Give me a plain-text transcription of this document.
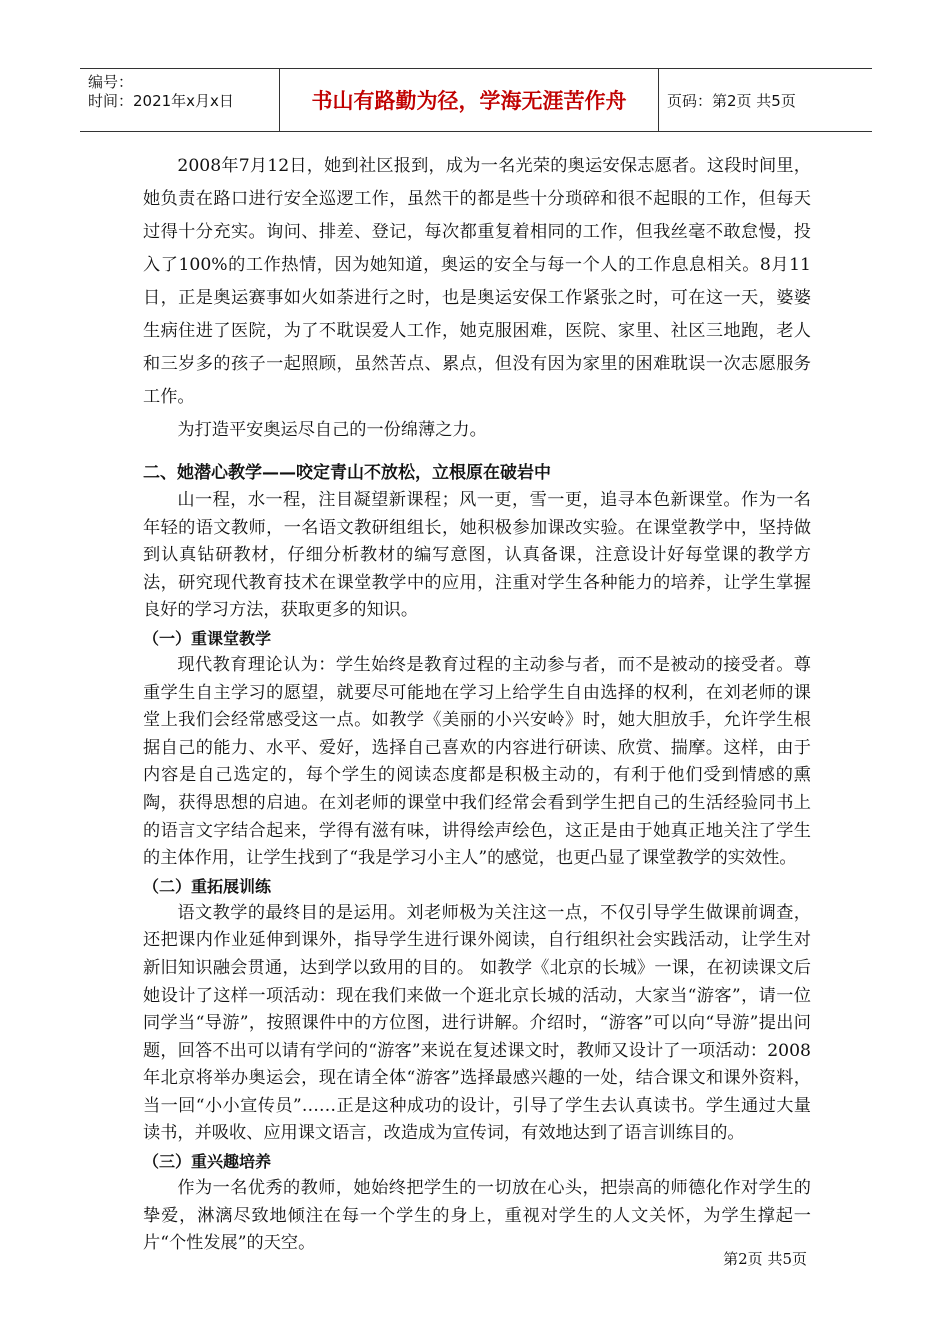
编号：
时间：2021年x月x日	书山有路勤为径，学海无涯苦作舟	页码：第2页 共5页

2008年7月12日，她到社区报到，成为一名光荣的奥运安保志愿者。这段时间里，她负责在路口进行安全巡逻工作，虽然干的都是些十分琐碎和很不起眼的工作，但每天过得十分充实。询问、排差、登记，每次都重复着相同的工作，但我丝毫不敢怠慢，投入了100%的工作热情，因为她知道，奥运的安全与每一个人的工作息息相关。8月11日，正是奥运赛事如火如荼进行之时，也是奥运安保工作紧张之时，可在这一天，婆婆生病住进了医院，为了不耽误爱人工作，她克服困难，医院、家里、社区三地跑，老人和三岁多的孩子一起照顾，虽然苦点、累点，但没有因为家里的困难耽误一次志愿服务工作。

为打造平安奥运尽自己的一份绵薄之力。

二、她潜心教学——咬定青山不放松，立根原在破岩中

山一程，水一程，注目凝望新课程；风一更，雪一更，追寻本色新课堂。作为一名年轻的语文教师，一名语文教研组组长，她积极参加课改实验。在课堂教学中，坚持做到认真钻研教材，仔细分析教材的编写意图，认真备课，注意设计好每堂课的教学方法，研究现代教育技术在课堂教学中的应用，注重对学生各种能力的培养，让学生掌握良好的学习方法，获取更多的知识。

（一）重课堂教学

现代教育理论认为：学生始终是教育过程的主动参与者，而不是被动的接受者。尊重学生自主学习的愿望，就要尽可能地在学习上给学生自由选择的权利，在刘老师的课堂上我们会经常感受这一点。如教学《美丽的小兴安岭》时，她大胆放手，允许学生根据自己的能力、水平、爱好，选择自己喜欢的内容进行研读、欣赏、揣摩。这样，由于内容是自己选定的，每个学生的阅读态度都是积极主动的，有利于他们受到情感的熏陶，获得思想的启迪。在刘老师的课堂中我们经常会看到学生把自己的生活经验同书上的语言文字结合起来，学得有滋有味，讲得绘声绘色，这正是由于她真正地关注了学生的主体作用，让学生找到了“我是学习小主人”的感觉，也更凸显了课堂教学的实效性。

（二）重拓展训练

语文教学的最终目的是运用。刘老师极为关注这一点，不仅引导学生做课前调查，还把课内作业延伸到课外，指导学生进行课外阅读，自行组织社会实践活动，让学生对新旧知识融会贯通，达到学以致用的目的。 如教学《北京的长城》一课，在初读课文后她设计了这样一项活动：现在我们来做一个逛北京长城的活动，大家当“游客”，请一位同学当“导游”，按照课件中的方位图，进行讲解。介绍时，“游客”可以向“导游”提出问题，回答不出可以请有学问的“游客”来说在复述课文时，教师又设计了一项活动：2008年北京将举办奥运会，现在请全体“游客”选择最感兴趣的一处，结合课文和课外资料，当一回“小小宣传员”……正是这种成功的设计，引导了学生去认真读书。学生通过大量读书，并吸收、应用课文语言，改造成为宣传词，有效地达到了语言训练目的。

（三）重兴趣培养

作为一名优秀的教师，她始终把学生的一切放在心头，把崇高的师德化作对学生的挚爱，淋漓尽致地倾注在每一个学生的身上，重视对学生的人文关怀，为学生撑起一片“个性发展”的天空。

第2页 共5页
